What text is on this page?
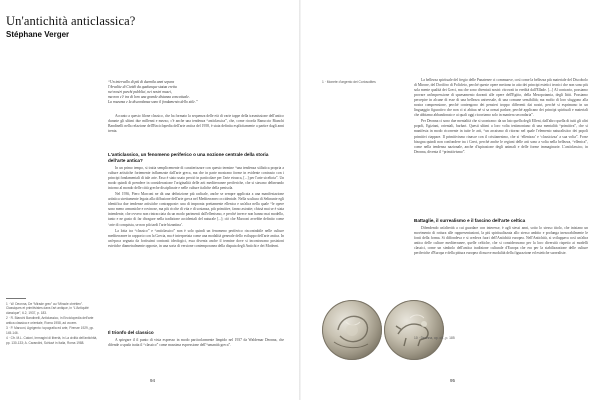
Un'antichità anticlassica?
Stéphane Verger

“Un intervallo di più di duemila anni separa

l'Arvalite di Cividò da qualunque statua eretta

nei nostri parchi pubblici, nei nostri musei,

ma non c'è tra di loro una grande distanza concettuale.

La rozzezza e la discordanza sono il fondamento dello stile.”

Accanto a questo filone classico, che ha formato la sequenza delle età di varie tappe della trasmissione dell'antico durante gli ultimi due millenni e mezzo, c'è anche una tendenza “anticlassica”, che, come ricorda Ranuccio Bianchi Bandinelli nella relazione dell'Enciclopedia dell'arte antica del 1958, è stata definita esplicitamente a partire dagli anni trenta.

L'anticlassico, un fenomeno periferico o una nozione centrale della storia dell'arte antica?

In un primo tempo, si tratta semplicemente di caratterizzare con questo termine “una tendenza stilistica propria a culture artistiche fortemente influenzate dall'arte greca, ma che in parte mostrano forme in evidente contrasto con i principi fondamentali di tale arte. Esso è stato usato perciò in particolare per l'arte etrusca, [...] per l'arte siceliota”. Un modo quindi di prendere in considerazione l'originalità delle arti mediterranee periferiche, che si stavano delineando intorno al mondo delle città greche disciplinate e nelle culture italiche della penisola.

Nel 1936, Piero Marconi ne dà una definizione più radicale, anche se sempre applicata a una manifestazione artistica strettamente legata alla diffusione dell'arte greca nel Mediterraneo occidentale. Nella scultura di Selinunte egli identifica due tendenze artistiche contrapposte: una di impronta prettamente ellenica e un'altra nella quale “le opere sono meno armoniche e rovinose, ma più ricche di vita e di sostanza, più primitive, fanno astratte; chissà mai se è stata intendente, che ovvero non rintracciata da un modo parimenti dall'ellenismo, e perché invece non hanno mai modello, tanto e ne gusto di far divagare nella tradizione accidentali del naturale [...]; ciò che Marconi avrebbe definito come ‘arte di conquista, se non più tardi l'arte bizantina’.

La lotta tra “classico” e “anticlassico” non è solo quindi un fenomeno periferico riscontrabile nelle culture mediterranee in rapporto con la Grecia, ma è interpretata come una modalità generale dello sviluppo dell'arte antica. In un'epoca segnata da fortissimi contrasti ideologici, essa diventa anche il termine dove si incontravano posizioni estetiche diametralmente opposte, in una sorta di versione contemporanea della disputa degli Antichi e dei Moderni.

Il trionfo del classico

A spiegare il il punto di vista espresso in modo particolarmente limpido nel 1937 da Waldemar Deonna, che difende a spada tratta il “classico” come massima espressione dell'“umanità greca”.

1 · W. Deonna, De “Mirade grec” au “Miracle chrétien”. Classiques et primitivistes dans l'art antique, in “L'Antiquité classique”, 6.2, 1937, p. 183.

2 · R. Bianchi Bandinelli, Anticlassico, in Enciclopedia dell'arte antica classica e orientale, Roma 1958, ad vocem.

3 · P. Marconi, Agrigento: topografia ed arte, Firenze 1929, pp. 145-146.

4 · Cfr. M.L. Catoni, Immagini di libertà, in La civiltà dell'antichità, pp. 130-133; A. Carandini, Schiavi in Italia, Roma 1988.

94
1 · Monete d'argento dei Coriosolites	La bellezza spirituale del fregio delle Panatenee ci commuove, così come la bellezza più materiale del Discobolo di Mirone, del Dorifòro di Policleto, perché queste opere mettono in atto dei principi estetici tecnici che non sono più sola mente qualità dei Greci, ma che sono diventati nostri: ritrovati in eredità dall'Ellade. [...] Al contrario, possiamo provare un'impressione di spaesamento davanti alle opere dell'Egitto, della Mesopotamia, degli Ittiti. Possiamo percepire in alcune di esse di una bellezza universale, di una comune sensibilità; ma molto di loro sfuggono alla nostra comprensione, perché contengono dei pensieri troppo differenti dai nostri, perché si esprimono in un linguaggio figurativo che non ci si abitua né si sa ormai parlare, perché applicano dei principi spirituali e materiali che abbiamo abbandonato e ai quali oggi ricorriamo solo in maniera secondaria”.

Per Deonna ci sono due mentalità che si scontrano: da un lato quella degli Elleni, dall'altro quella di tutti gli altri popoli, Egiziani, orientali, barbari. Questi ultimi a loro volta testimoniano di una mentalità “primitiva”, che si manifesta in modo ricorrente in tutte le arti, “un arcaismo di ritorno nel quale l'elemento naturalistico dei popoli primitivi riappare. Il primitivismo rinasce con il cristianesimo, che si ‘ellenizza’ e ‘classicizza’ a sua volta”. Forse bisogna quindi non confondere tra i Greci, perché anche le regioni delle arti sono a volta nella bellezza, “ellenica”, come nella tendenza nazionale, anche d'ispirazione degli animali e delle forme immaginarie. L'anticlassico, in Deonna, diventa il “primitivismo”.

Battaglie, il surrealismo e il fascino dell'arte celtica

Difendendo un'alterità a cui guardare con interesse, è agli stessi anni, sotto lo stesso titolo, che iniziano un movimento di rottura alle rappresentazioni, la più spiritualizzata allo stesso ambito e prolunga inesorabilmente le fonti della forma. Si diffondeva e si credeva fuori dell'Antichità europea. Nell'Antichità, si sviluppava così un'altra antica delle culture mediterranee, quelle celtiche, che si consideravano per la loro diversità rispetto ai modelli classici, come un simbolo dell'antica tradizione culturale d'Europa che era per la stabilizzazione delle culture periferiche d'Europa e della pittura europea di nuove modalità della figurazione ed estetiche surrealiste.

10 · Deonna, op. cit., p. 185
95
